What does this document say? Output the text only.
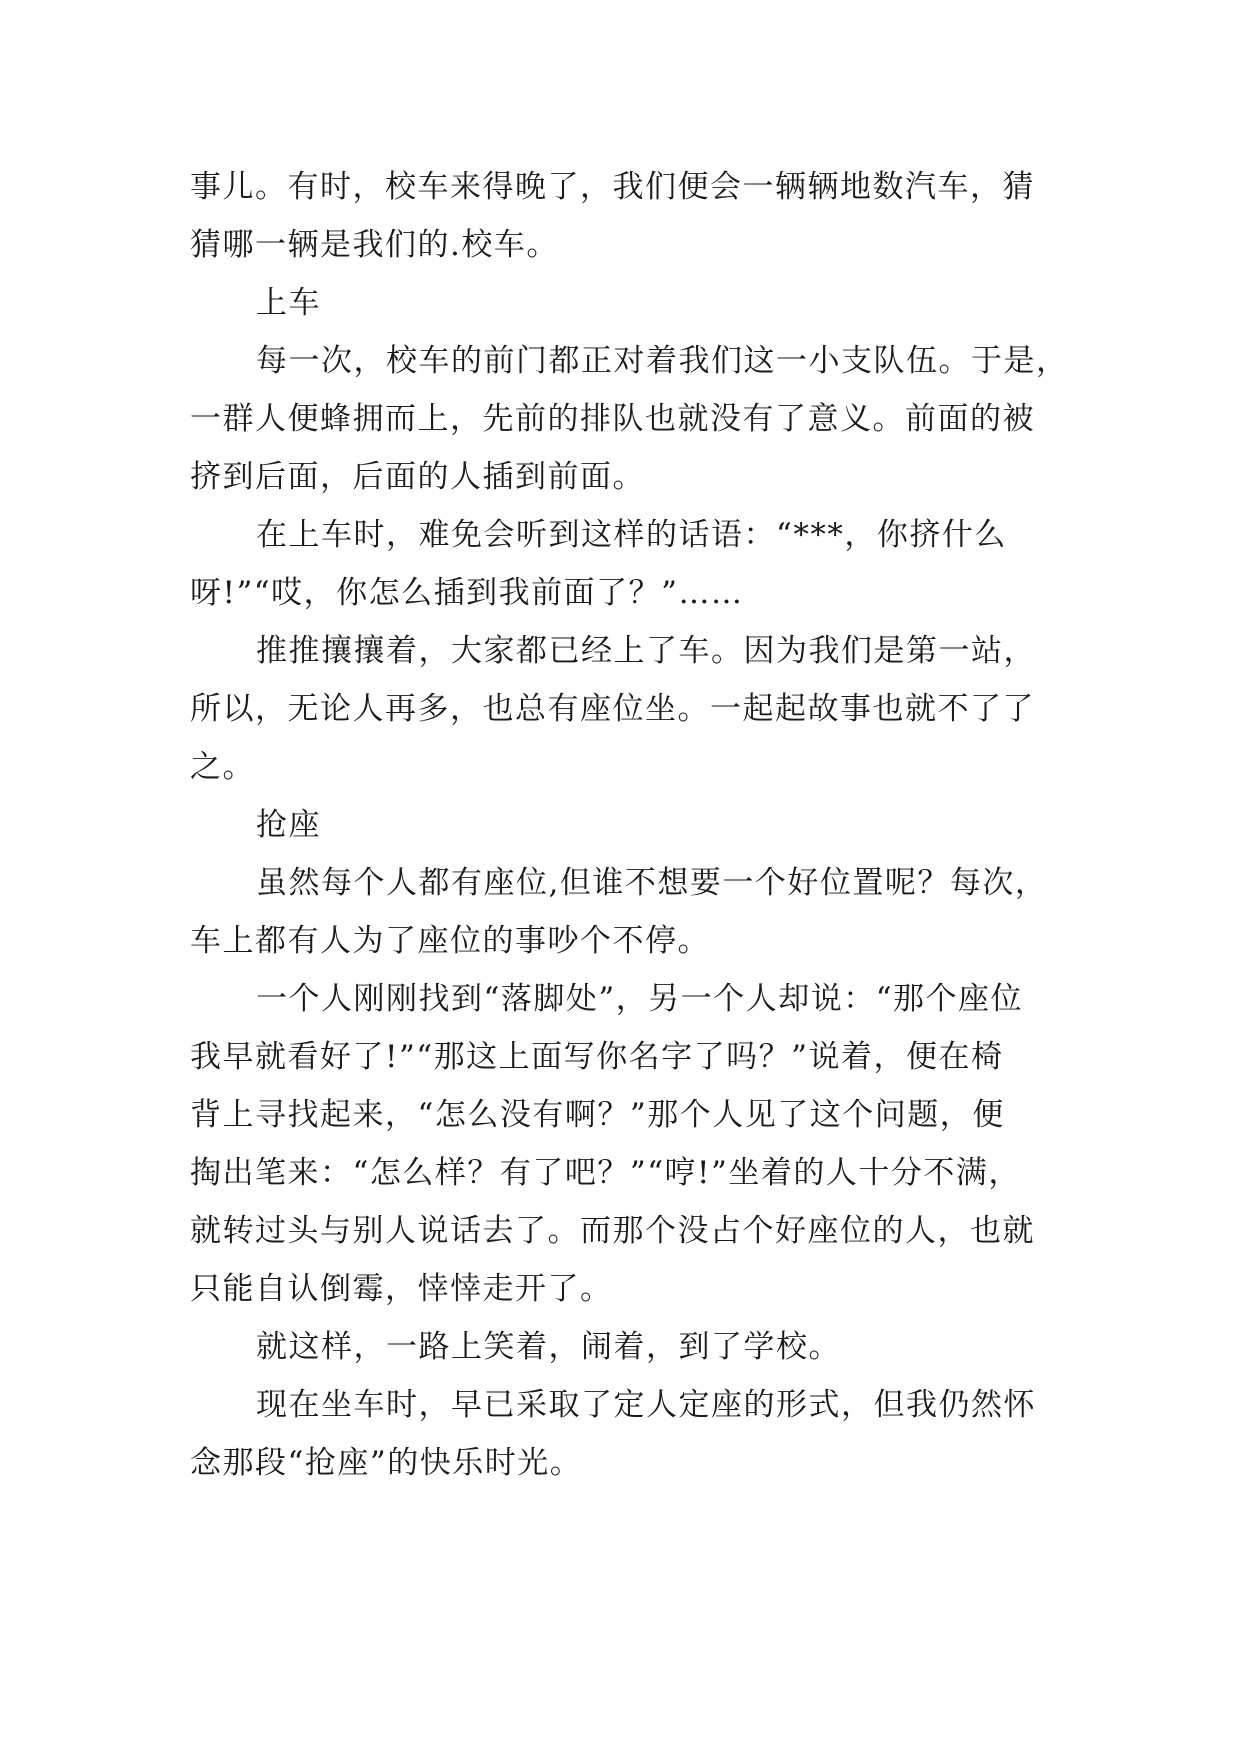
事儿。有时，校车来得晚了，我们便会一辆辆地数汽车，猜
猜哪一辆是我们的.校车。
上车
每一次，校车的前门都正对着我们这一小支队伍。于是，
一群人便蜂拥而上，先前的排队也就没有了意义。前面的被
挤到后面，后面的人插到前面。
在上车时，难免会听到这样的话语：“***，你挤什么
呀!”“哎，你怎么插到我前面了？”……
推推攘攘着，大家都已经上了车。因为我们是第一站，
所以，无论人再多，也总有座位坐。一起起故事也就不了了
之。
抢座
虽然每个人都有座位,但谁不想要一个好位置呢？每次，
车上都有人为了座位的事吵个不停。
一个人刚刚找到“落脚处”，另一个人却说：“那个座位
我早就看好了!”“那这上面写你名字了吗？”说着，便在椅
背上寻找起来，“怎么没有啊？”那个人见了这个问题，便
掏出笔来：“怎么样？有了吧？”“哼!”坐着的人十分不满，
就转过头与别人说话去了。而那个没占个好座位的人，也就
只能自认倒霉，悻悻走开了。
就这样，一路上笑着，闹着，到了学校。
现在坐车时，早已采取了定人定座的形式，但我仍然怀
念那段“抢座”的快乐时光。
